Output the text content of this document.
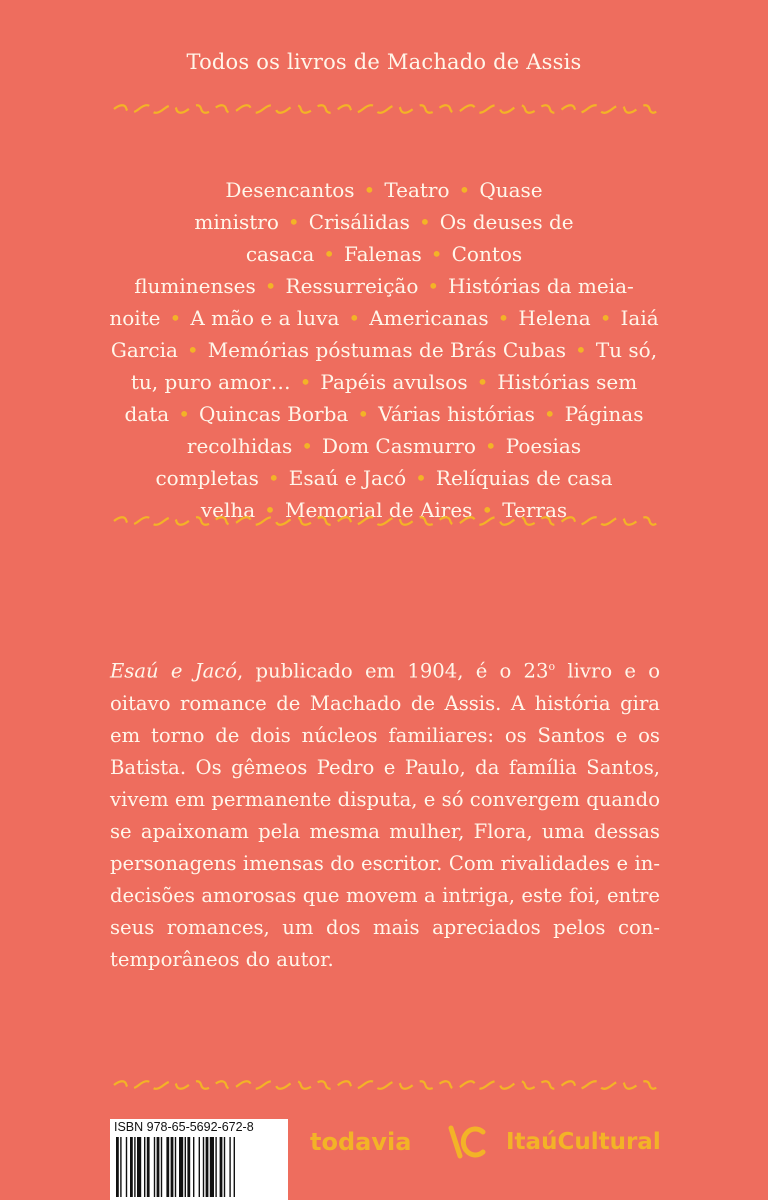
Todos os livros de Machado de Assis
Desencantos • Teatro • Quase ministro • Crisálidas • Os deuses de casaca • Falenas • Contos fluminenses • Ressurreição • Histórias da meia-noite • A mão e a luva • Americanas • Helena • Iaiá Garcia • Memórias póstumas de Brás Cubas • Tu só, tu, puro amor… • Papéis avulsos • Histórias sem data • Quincas Borba • Várias histórias • Páginas recolhidas • Dom Casmurro • Poesias completas • Esaú e Jacó • Relíquias de casa velha • Memorial de Aires • Terras
Esaú e Jacó, publicado em 1904, é o 23$^o$ livro e o oitavo romance de Machado de Assis. A história gira em torno de dois núcleos familiares: os Santos e os Batista. Os gêmeos Pedro e Paulo, da família Santos, vivem em permanente disputa, e só convergem quando se apaixonam pela mesma mulher, Flora, uma dessas personagens imensas do escritor. Com rivalidades e indecisões amorosas que movem a intriga, este foi, entre seus romances, um dos mais apreciados pelos contemporâneos do autor.
ISBN 978-65-5692-672-8
todavia	ItaúCultural
